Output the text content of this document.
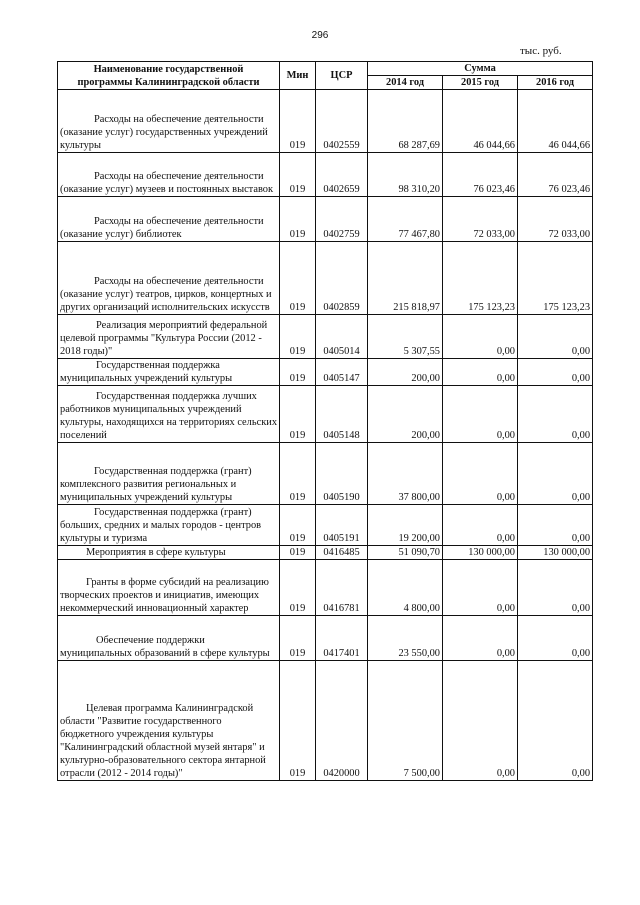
296
тыс. руб.
Наименование государственной
программы Калининградской области	Мин	ЦСР	Сумма		
			2014 год	2015 год	2016 год
Расходы на обеспечение деятельности (оказание услуг) государственных учреждений культуры	019	0402559	68 287,69	46 044,66	46 044,66
Расходы на обеспечение деятельности (оказание услуг) музеев и постоянных выставок	019	0402659	98 310,20	76 023,46	76 023,46
Расходы на обеспечение деятельности (оказание услуг) библиотек	019	0402759	77 467,80	72 033,00	72 033,00
Расходы на обеспечение деятельности (оказание услуг) театров, цирков, концертных и других организаций исполнительских искусств	019	0402859	215 818,97	175 123,23	175 123,23
Реализация мероприятий федеральной целевой программы "Культура России (2012 - 2018 годы)"	019	0405014	5 307,55	0,00	0,00
Государственная поддержка муниципальных учреждений культуры	019	0405147	200,00	0,00	0,00
Государственная поддержка лучших работников муниципальных учреждений культуры, находящихся на территориях сельских поселений	019	0405148	200,00	0,00	0,00
Государственная поддержка (грант) комплексного развития региональных и муниципальных учреждений культуры	019	0405190	37 800,00	0,00	0,00
Государственная поддержка (грант) больших, средних и малых городов - центров культуры и туризма	019	0405191	19 200,00	0,00	0,00
Мероприятия в сфере культуры	019	0416485	51 090,70	130 000,00	130 000,00
Гранты в форме субсидий на реализацию творческих проектов и инициатив, имеющих некоммерческий инновационный характер	019	0416781	4 800,00	0,00	0,00
Обеспечение поддержки муниципальных образований в сфере культуры	019	0417401	23 550,00	0,00	0,00
Целевая программа Калининградской области "Развитие государственного бюджетного учреждения культуры "Калининградский областной музей янтаря" и культурно-образовательного сектора янтарной отрасли (2012 - 2014 годы)"	019	0420000	7 500,00	0,00	0,00
